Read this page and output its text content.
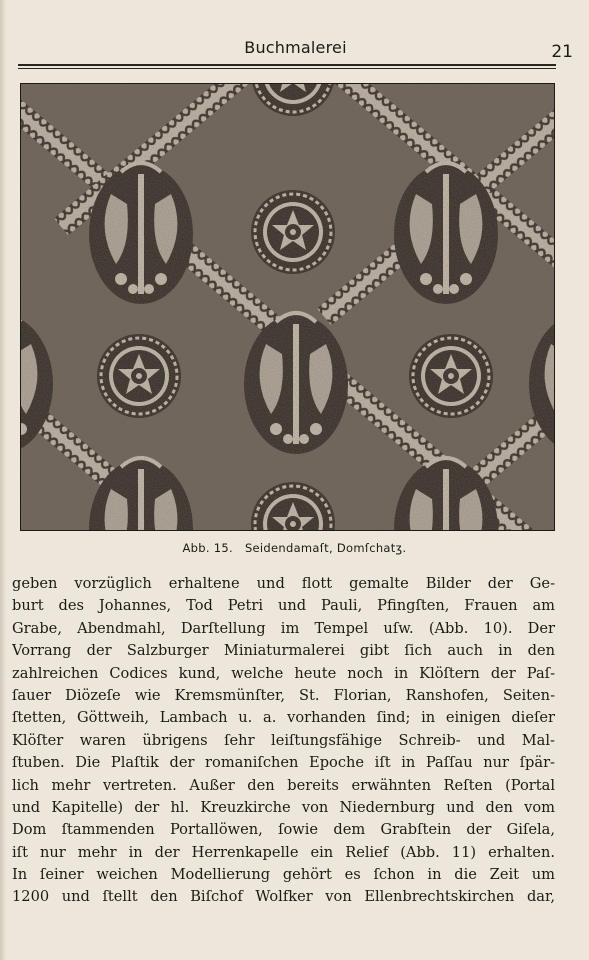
Buchmalerei	21
Abb. 15. Seidendamaſt, Domſchatʒ.
geben vorzüglich erhaltene und flott gemalte Bilder der Ge-
burt des Johannes, Tod Petri und Pauli, Pfingſten, Frauen am
Grabe, Abendmahl, Darſtellung im Tempel uſw. (Abb. 10). Der
Vorrang der Salzburger Miniaturmalerei gibt ſich auch in den
zahlreichen Codices kund, welche heute noch in Klöſtern der Paſ-
ſauer Diözeſe wie Kremsmünſter, St. Florian, Ranshofen, Seiten-
ſtetten, Göttweih, Lambach u. a. vorhanden ſind; in einigen dieſer
Klöſter waren übrigens ſehr leiſtungsfähige Schreib- und Mal-
ſtuben. Die Plaſtik der romaniſchen Epoche iſt in Paſſau nur ſpär-
lich mehr vertreten. Außer den bereits erwähnten Reſten (Portal
und Kapitelle) der hl. Kreuzkirche von Niedernburg und den vom
Dom ſtammenden Portallöwen, ſowie dem Grabſtein der Giſela,
iſt nur mehr in der Herrenkapelle ein Relief (Abb. 11) erhalten.
In ſeiner weichen Modellierung gehört es ſchon in die Zeit um
1200 und ſtellt den Biſchof Wolfker von Ellenbrechtskirchen dar,
